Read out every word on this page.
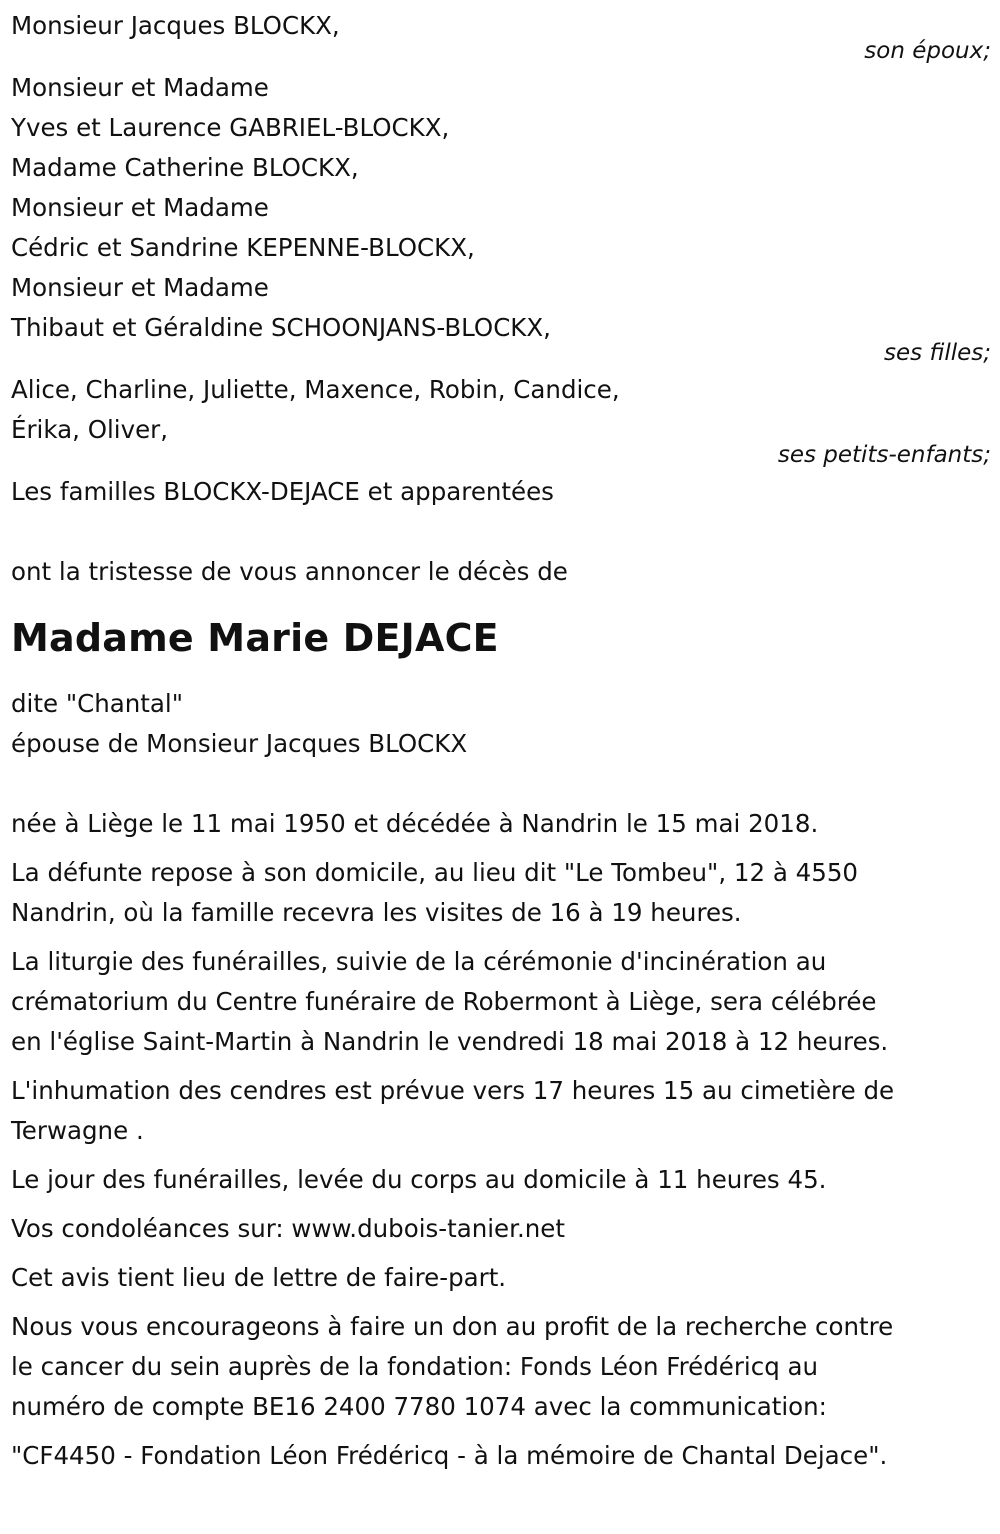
Monsieur Jacques BLOCKX,
son époux;
Monsieur et Madame
Yves et Laurence GABRIEL-BLOCKX,
Madame Catherine BLOCKX,
Monsieur et Madame
Cédric et Sandrine KEPENNE-BLOCKX,
Monsieur et Madame
Thibaut et Géraldine SCHOONJANS-BLOCKX,
ses filles;
Alice, Charline, Juliette, Maxence, Robin, Candice,
Érika, Oliver,
ses petits-enfants;
Les familles BLOCKX-DEJACE et apparentées
ont la tristesse de vous annoncer le décès de
Madame Marie DEJACE
dite "Chantal"
épouse de Monsieur Jacques BLOCKX
née à Liège le 11 mai 1950 et décédée à Nandrin le 15 mai 2018.
La défunte repose à son domicile, au lieu dit "Le Tombeu", 12 à 4550
Nandrin, où la famille recevra les visites de 16 à 19 heures.
La liturgie des funérailles, suivie de la cérémonie d'incinération au
crématorium du Centre funéraire de Robermont à Liège, sera célébrée
en l'église Saint-Martin à Nandrin le vendredi 18 mai 2018 à 12 heures.
L'inhumation des cendres est prévue vers 17 heures 15 au cimetière de
Terwagne .
Le jour des funérailles, levée du corps au domicile à 11 heures 45.
Vos condoléances sur: www.dubois-tanier.net
Cet avis tient lieu de lettre de faire-part.
Nous vous encourageons à faire un don au profit de la recherche contre
le cancer du sein auprès de la fondation: Fonds Léon Frédéricq au
numéro de compte BE16 2400 7780 1074 avec la communication:
"CF4450 - Fondation Léon Frédéricq - à la mémoire de Chantal Dejace".
